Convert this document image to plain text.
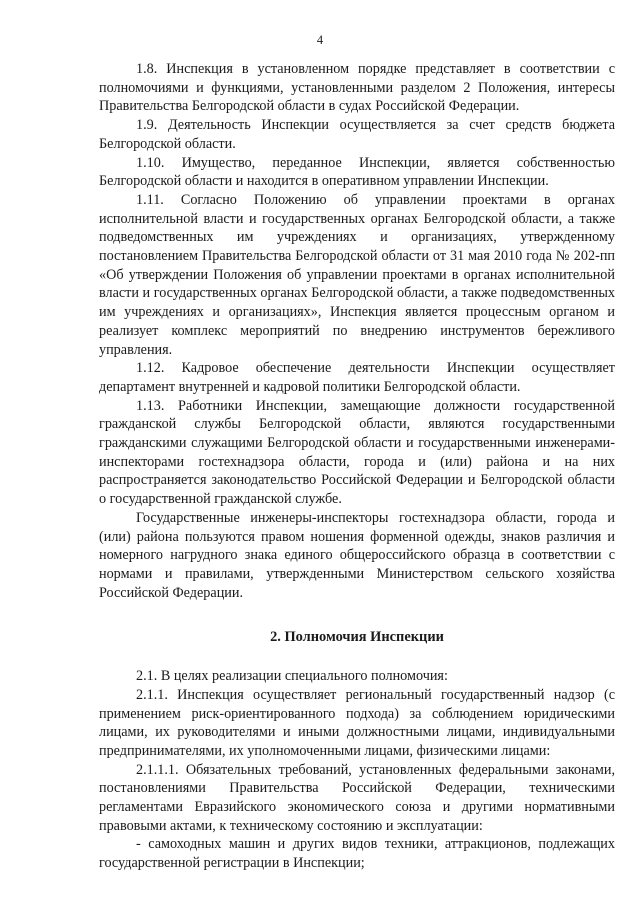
4

1.8. Инспекция в установленном порядке представляет в соответствии с полномочиями и функциями, установленными разделом 2 Положения, интересы Правительства Белгородской области в судах Российской Федерации.

1.9. Деятельность Инспекции осуществляется за счет средств бюджета Белгородской области.

1.10. Имущество, переданное Инспекции, является собственностью Белгородской области и находится в оперативном управлении Инспекции.

1.11. Согласно Положению об управлении проектами в органах исполнительной власти и государственных органах Белгородской области, а также подведомственных им учреждениях и организациях, утвержденному постановлением Правительства Белгородской области от 31 мая 2010 года № 202-пп «Об утверждении Положения об управлении проектами в органах исполнительной власти и государственных органах Белгородской области, а также подведомственных им учреждениях и организациях», Инспекция является процессным органом и реализует комплекс мероприятий по внедрению инструментов бережливого управления.

1.12. Кадровое обеспечение деятельности Инспекции осуществляет департамент внутренней и кадровой политики Белгородской области.

1.13. Работники Инспекции, замещающие должности государственной гражданской службы Белгородской области, являются государственными гражданскими служащими Белгородской области и государственными инженерами-инспекторами гостехнадзора области, города и (или) района и на них распространяется законодательство Российской Федерации и Белгородской области о государственной гражданской службе.

Государственные инженеры-инспекторы гостехнадзора области, города и (или) района пользуются правом ношения форменной одежды, знаков различия и номерного нагрудного знака единого общероссийского образца в соответствии с нормами и правилами, утвержденными Министерством сельского хозяйства Российской Федерации.

2. Полномочия Инспекции

2.1. В целях реализации специального полномочия:

2.1.1. Инспекция осуществляет региональный государственный надзор (с применением риск-ориентированного подхода) за соблюдением юридическими лицами, их руководителями и иными должностными лицами, индивидуальными предпринимателями, их уполномоченными лицами, физическими лицами:

2.1.1.1. Обязательных требований, установленных федеральными законами, постановлениями Правительства Российской Федерации, техническими регламентами Евразийского экономического союза и другими нормативными правовыми актами, к техническому состоянию и эксплуатации:

- самоходных машин и других видов техники, аттракционов, подлежащих государственной регистрации в Инспекции;
